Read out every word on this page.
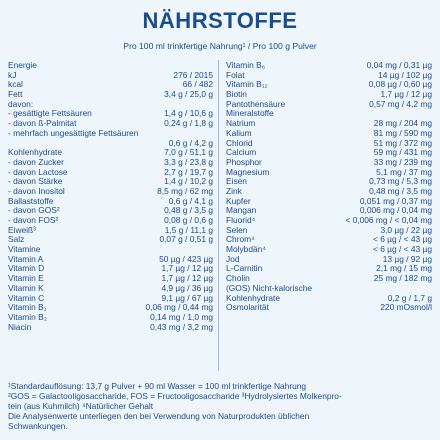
NÄHRSTOFFE
Pro 100 ml trinkfertige Nahrung¹ / Pro 100 g Pulver
Energie
kJ	276 / 2015
kcal	66 / 482
Fett	3,4 g / 25,0 g
davon:
- gesättigte Fettsäuren	1,4 g / 10,6 g
- davon ß-Palmitat	0,24 g / 1,8 g
- mehrfach ungesättigte Fettsäuren
0,6 g / 4,2 g
Kohlenhydrate	7,0 g / 51,1 g
- davon Zucker	3,3 g / 23,8 g
- davon Lactose	2,7 g / 19,7 g
- davon Stärke	1,4 g / 10,2 g
- davon Inositol	8,5 mg / 62 mg
Ballaststoffe	0,6 g / 4,1 g
- davon GOS²	0,48 g / 3,5 g
- davon FOS²	0,08 g / 0,6 g
Eiweiß³	1,5 g / 11,1 g
Salz	0,07 g / 0,51 g
Vitamine
Vitamin A	50 µg / 423 µg
Vitamin D	1,7 µg / 12 µg
Vitamin E	1,7 µg / 12 µg
Vitamin K	4,9 µg / 36 µg
Vitamin C	9,1 µg / 67 µg
Vitamin B₁	0,06 mg / 0,44 mg
Vitamin B₂	0,14 mg / 1,0 mg
Niacin	0,43 mg / 3,2 mg
Vitamin B₆	0,04 mg / 0,31 µg
Folat	14 µg / 102 µg
Vitamin B₁₂	0,08 µg / 0,60 µg
Biotin	1,7 µg / 12 µg
Pantothensäure	0,57 mg / 4,2 mg
Mineralstoffe
Natrium	28 mg / 204 mg
Kalium	81 mg / 590 mg
Chlorid	51 mg / 372 mg
Calcium	59 mg / 431 mg
Phosphor	33 mg / 239 mg
Magnesium	5,1 mg / 37 mg
Eisen	0,73 mg / 5,3 mg
Zink	0,48 mg / 3,5 mg
Kupfer	0,051 mg / 0,37 mg
Mangan	0,006 mg / 0,04 mg
Fluorid⁴	< 0,006 mg / < 0,04 mg
Selen	3,0 µg / 22 µg
Chrom⁴	< 6 µg / < 43 µg
Molybdän⁴	< 6 µg / < 43 µg
Jod	13 µg / 92 µg
L-Carnitin	2,1 mg / 15 mg
Cholin	25 mg / 182 mg
(GOS) Nicht-kalorische
Kohlenhydrate	0,2 g / 1,7 g
Osmolarität	220 mOsmol/l
¹Standardauflösung: 13,7 g Pulver + 90 ml Wasser = 100 ml trinkfertige Nahrung
²GOS = Galactooligosaccharide, FOS = Fructooligosaccharide ³Hydrolysiertes Molkenpro-
tein (aus Kuhmilch) ⁴Natürlicher Gehalt
Die Analysenwerte unterliegen den bei Verwendung von Naturprodukten üblichen
Schwankungen.
